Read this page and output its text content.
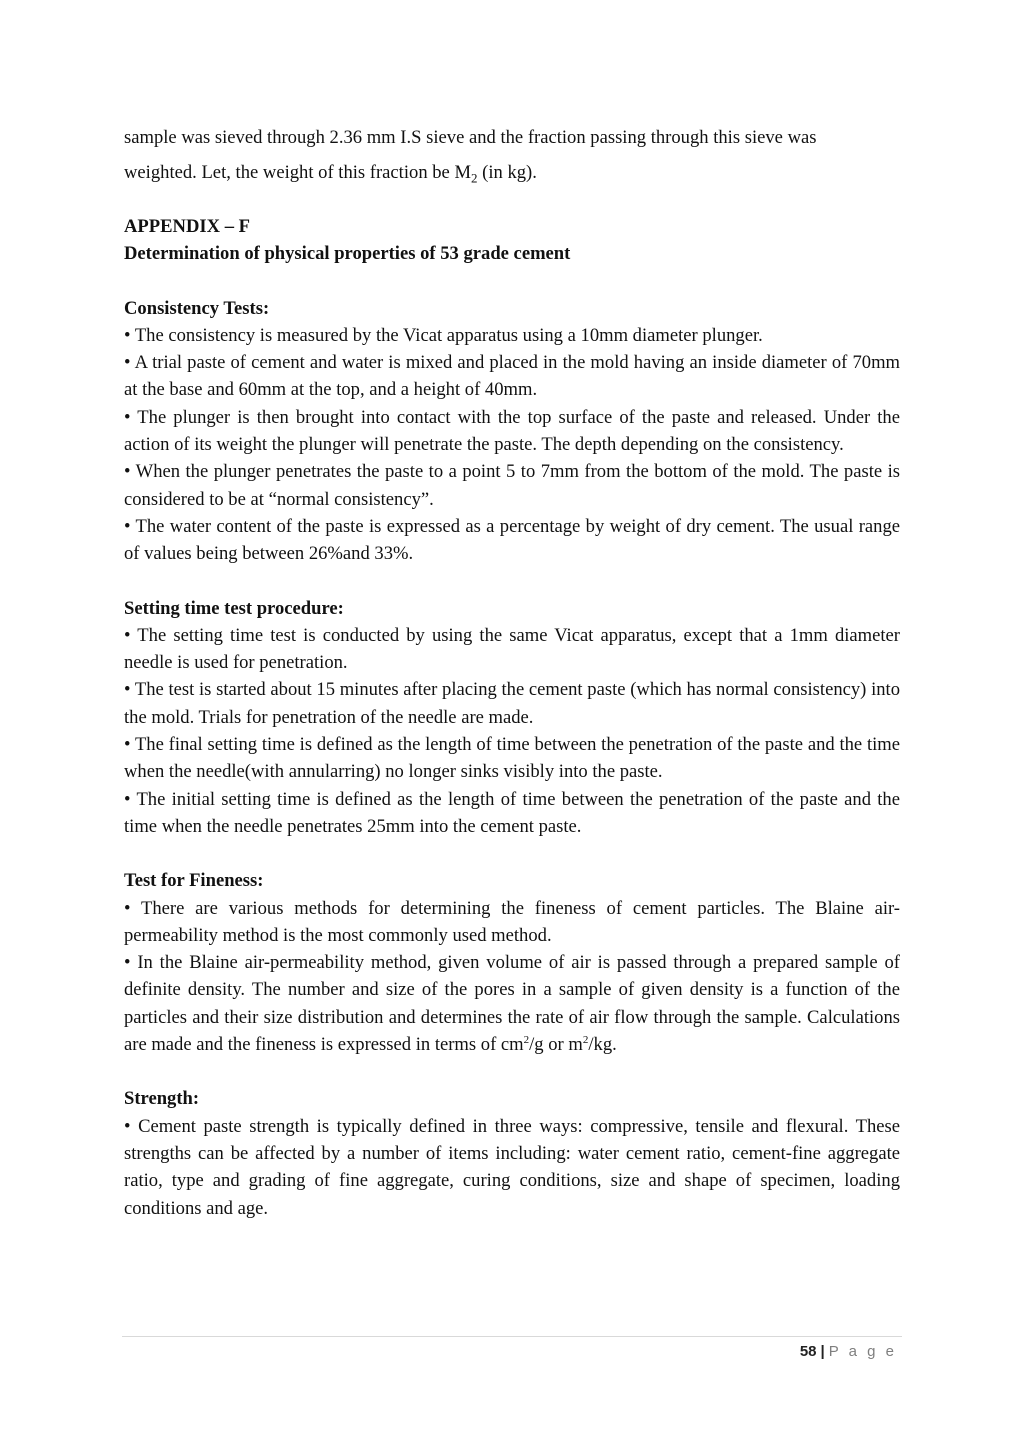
sample was sieved through 2.36 mm I.S sieve and the fraction passing through this sieve was

weighted. Let, the weight of this fraction be $M_2$ (in kg).

APPENDIX – F

Determination of physical properties of 53 grade cement

Consistency Tests:

• The consistency is measured by the Vicat apparatus using a 10mm diameter plunger.

• A trial paste of cement and water is mixed and placed in the mold having an inside diameter of 70mm at the base and 60mm at the top, and a height of 40mm.

• The plunger is then brought into contact with the top surface of the paste and released. Under the action of its weight the plunger will penetrate the paste. The depth depending on the consistency.

• When the plunger penetrates the paste to a point 5 to 7mm from the bottom of the mold. The paste is considered to be at “normal consistency”.

• The water content of the paste is expressed as a percentage by weight of dry cement. The usual range of values being between 26%and 33%.

Setting time test procedure:

• The setting time test is conducted by using the same Vicat apparatus, except that a 1mm diameter needle is used for penetration.

• The test is started about 15 minutes after placing the cement paste (which has normal consistency) into the mold. Trials for penetration of the needle are made.

• The final setting time is defined as the length of time between the penetration of the paste and the time when the needle(with annularring) no longer sinks visibly into the paste.

• The initial setting time is defined as the length of time between the penetration of the paste and the time when the needle penetrates 25mm into the cement paste.

Test for Fineness:

• There are various methods for determining the fineness of cement particles. The Blaine air-permeability method is the most commonly used method.

• In the Blaine air-permeability method, given volume of air is passed through a prepared sample of definite density. The number and size of the pores in a sample of given density is a function of the particles and their size distribution and determines the rate of air flow through the sample. Calculations are made and the fineness is expressed in terms of $cm^2/g$ or $m^2/kg$.

Strength:

• Cement paste strength is typically defined in three ways: compressive, tensile and flexural. These strengths can be affected by a number of items including: water cement ratio, cement-fine aggregate ratio, type and grading of fine aggregate, curing conditions, size and shape of specimen, loading conditions and age.

58 | P a g e
